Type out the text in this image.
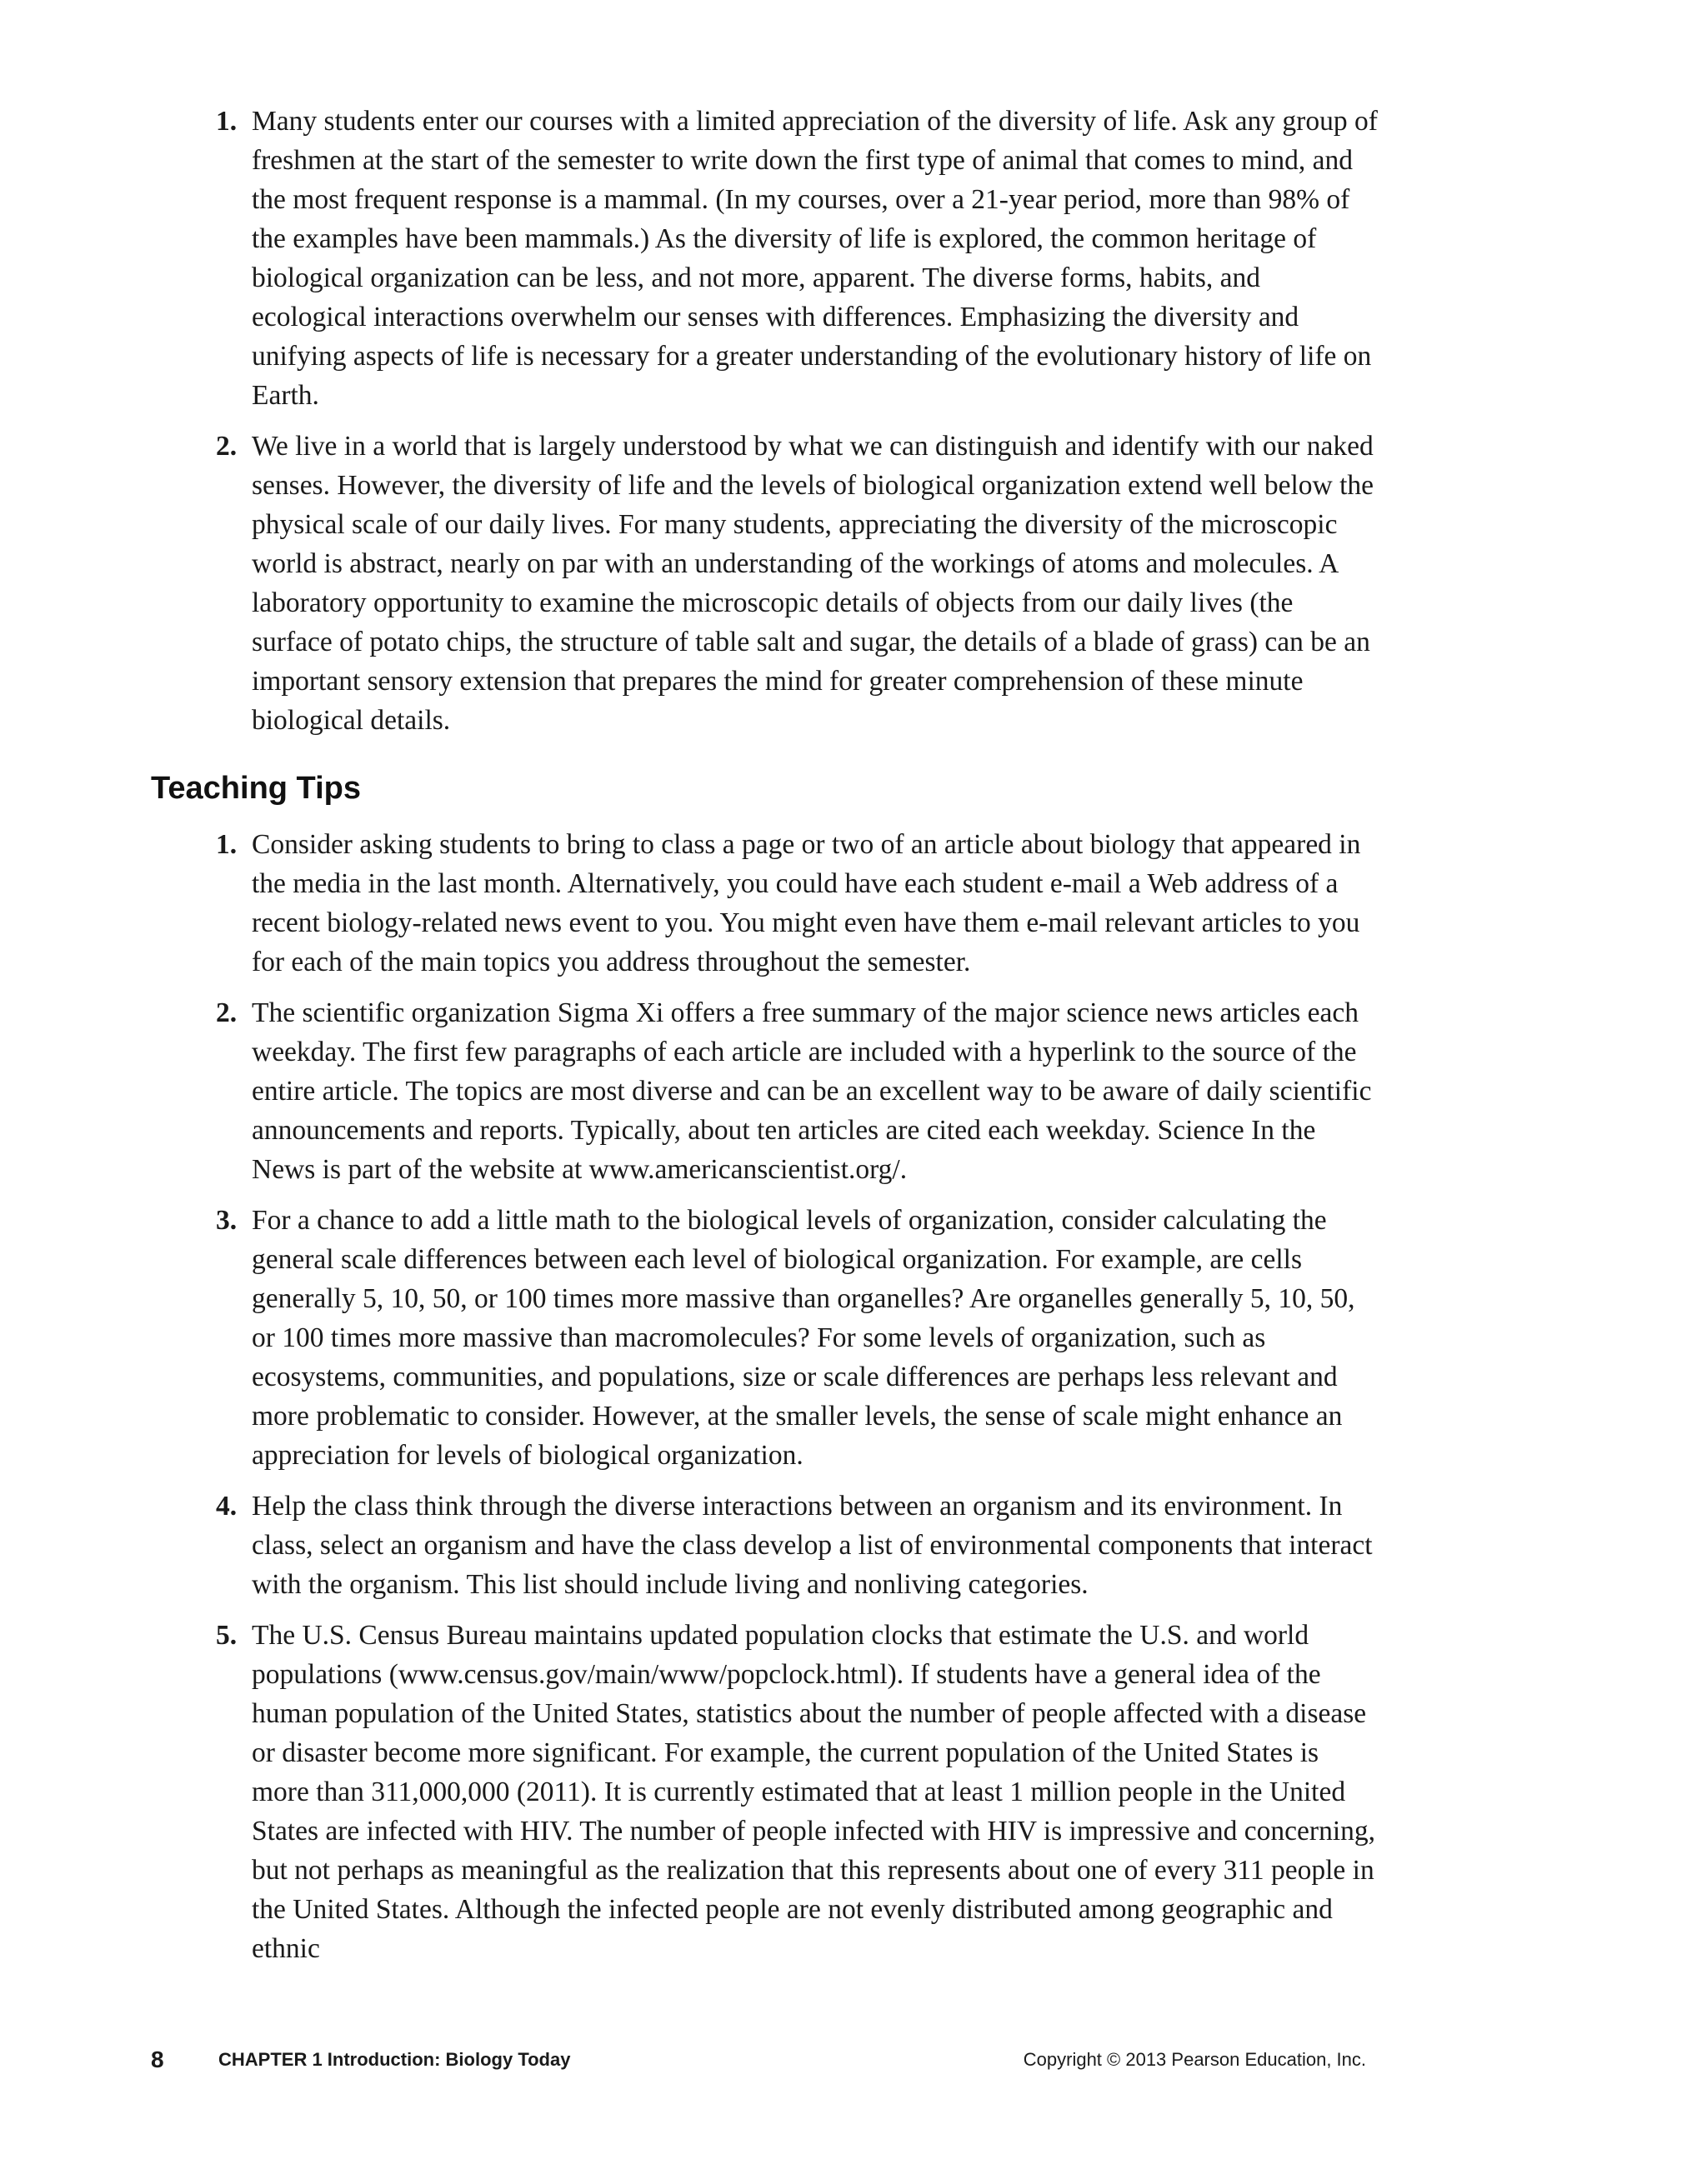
1. Many students enter our courses with a limited appreciation of the diversity of life. Ask any group of freshmen at the start of the semester to write down the first type of animal that comes to mind, and the most frequent response is a mammal. (In my courses, over a 21-year period, more than 98% of the examples have been mammals.) As the diversity of life is explored, the common heritage of biological organization can be less, and not more, apparent. The diverse forms, habits, and ecological interactions overwhelm our senses with differences. Emphasizing the diversity and unifying aspects of life is necessary for a greater understanding of the evolutionary history of life on Earth.
2. We live in a world that is largely understood by what we can distinguish and identify with our naked senses. However, the diversity of life and the levels of biological organization extend well below the physical scale of our daily lives. For many students, appreciating the diversity of the microscopic world is abstract, nearly on par with an understanding of the workings of atoms and molecules. A laboratory opportunity to examine the microscopic details of objects from our daily lives (the surface of potato chips, the structure of table salt and sugar, the details of a blade of grass) can be an important sensory extension that prepares the mind for greater comprehension of these minute biological details.
Teaching Tips
1. Consider asking students to bring to class a page or two of an article about biology that appeared in the media in the last month. Alternatively, you could have each student e-mail a Web address of a recent biology-related news event to you. You might even have them e-mail relevant articles to you for each of the main topics you address throughout the semester.
2. The scientific organization Sigma Xi offers a free summary of the major science news articles each weekday. The first few paragraphs of each article are included with a hyperlink to the source of the entire article. The topics are most diverse and can be an excellent way to be aware of daily scientific announcements and reports. Typically, about ten articles are cited each weekday. Science In the News is part of the website at www.americanscientist.org/.
3. For a chance to add a little math to the biological levels of organization, consider calculating the general scale differences between each level of biological organization. For example, are cells generally 5, 10, 50, or 100 times more massive than organelles? Are organelles generally 5, 10, 50, or 100 times more massive than macromolecules? For some levels of organization, such as ecosystems, communities, and populations, size or scale differences are perhaps less relevant and more problematic to consider. However, at the smaller levels, the sense of scale might enhance an appreciation for levels of biological organization.
4. Help the class think through the diverse interactions between an organism and its environment. In class, select an organism and have the class develop a list of environmental components that interact with the organism. This list should include living and nonliving categories.
5. The U.S. Census Bureau maintains updated population clocks that estimate the U.S. and world populations (www.census.gov/main/www/popclock.html). If students have a general idea of the human population of the United States, statistics about the number of people affected with a disease or disaster become more significant. For example, the current population of the United States is more than 311,000,000 (2011). It is currently estimated that at least 1 million people in the United States are infected with HIV. The number of people infected with HIV is impressive and concerning, but not perhaps as meaningful as the realization that this represents about one of every 311 people in the United States. Although the infected people are not evenly distributed among geographic and ethnic
8	CHAPTER 1 Introduction: Biology Today	Copyright © 2013 Pearson Education, Inc.
